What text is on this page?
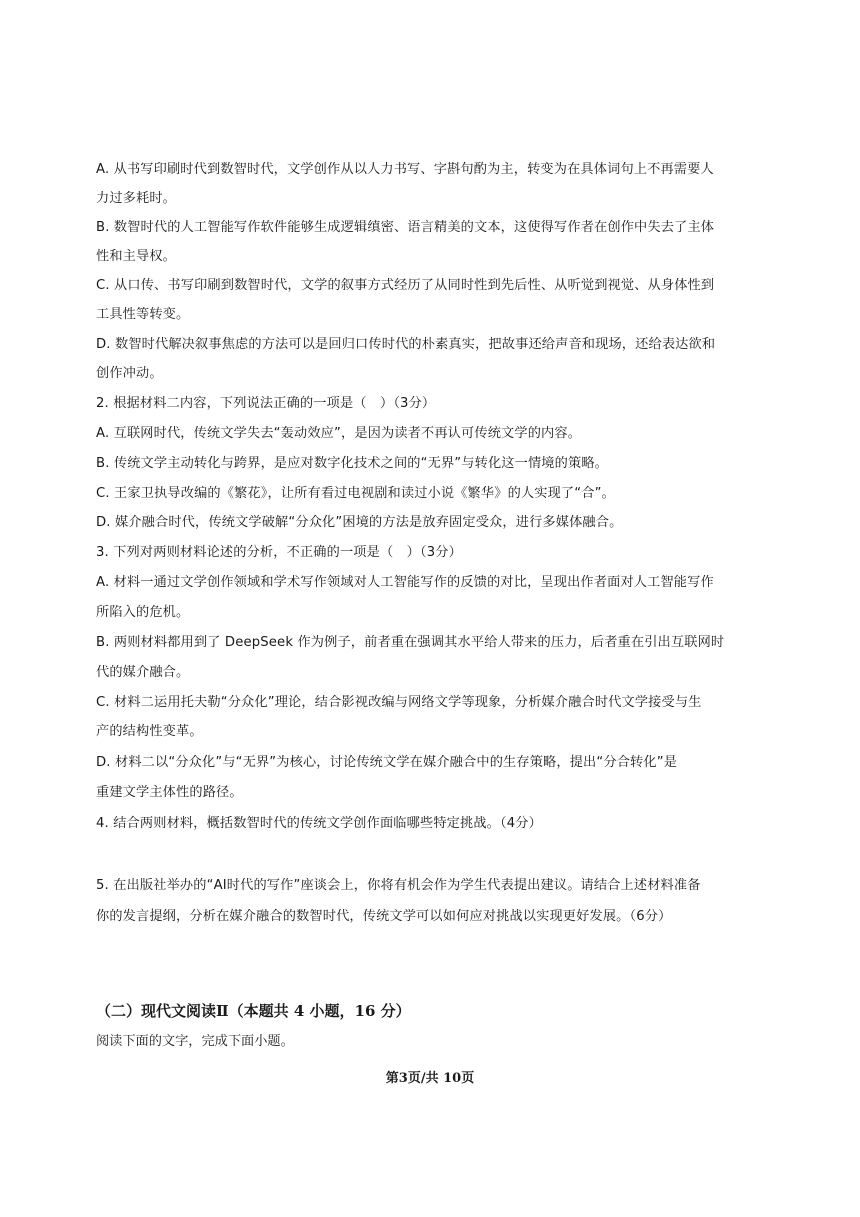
A. 从书写印刷时代到数智时代，文学创作从以人力书写、字斟句酌为主，转变为在具体词句上不再需要人
力过多耗时。
B. 数智时代的人工智能写作软件能够生成逻辑缜密、语言精美的文本，这使得写作者在创作中失去了主体
性和主导权。
C. 从口传、书写印刷到数智时代，文学的叙事方式经历了从同时性到先后性、从听觉到视觉、从身体性到
工具性等转变。
D. 数智时代解决叙事焦虑的方法可以是回归口传时代的朴素真实，把故事还给声音和现场，还给表达欲和
创作冲动。
2. 根据材料二内容，下列说法正确的一项是（　）（3分）
A. 互联网时代，传统文学失去“轰动效应”，是因为读者不再认可传统文学的内容。
B. 传统文学主动转化与跨界，是应对数字化技术之间的“无界”与转化这一情境的策略。
C. 王家卫执导改编的《繁花》，让所有看过电视剧和读过小说《繁华》的人实现了“合”。
D. 媒介融合时代，传统文学破解“分众化”困境的方法是放弃固定受众，进行多媒体融合。
3. 下列对两则材料论述的分析，不正确的一项是（　）（3分）
A. 材料一通过文学创作领域和学术写作领域对人工智能写作的反馈的对比，呈现出作者面对人工智能写作
所陷入的危机。
B. 两则材料都用到了 DeepSeek 作为例子，前者重在强调其水平给人带来的压力，后者重在引出互联网时
代的媒介融合。
C. 材料二运用托夫勒“分众化”理论，结合影视改编与网络文学等现象，分析媒介融合时代文学接受与生
产的结构性变革。
D. 材料二以“分众化”与“无界”为核心，讨论传统文学在媒介融合中的生存策略，提出“分合转化”是
重建文学主体性的路径。
4. 结合两则材料，概括数智时代的传统文学创作面临哪些特定挑战。（4分）
5. 在出版社举办的“AI时代的写作”座谈会上，你将有机会作为学生代表提出建议。请结合上述材料准备
你的发言提纲，分析在媒介融合的数智时代，传统文学可以如何应对挑战以实现更好发展。（6分）
（二）现代文阅读Ⅱ（本题共 4 小题，16 分）
阅读下面的文字，完成下面小题。
第3页/共 10页
